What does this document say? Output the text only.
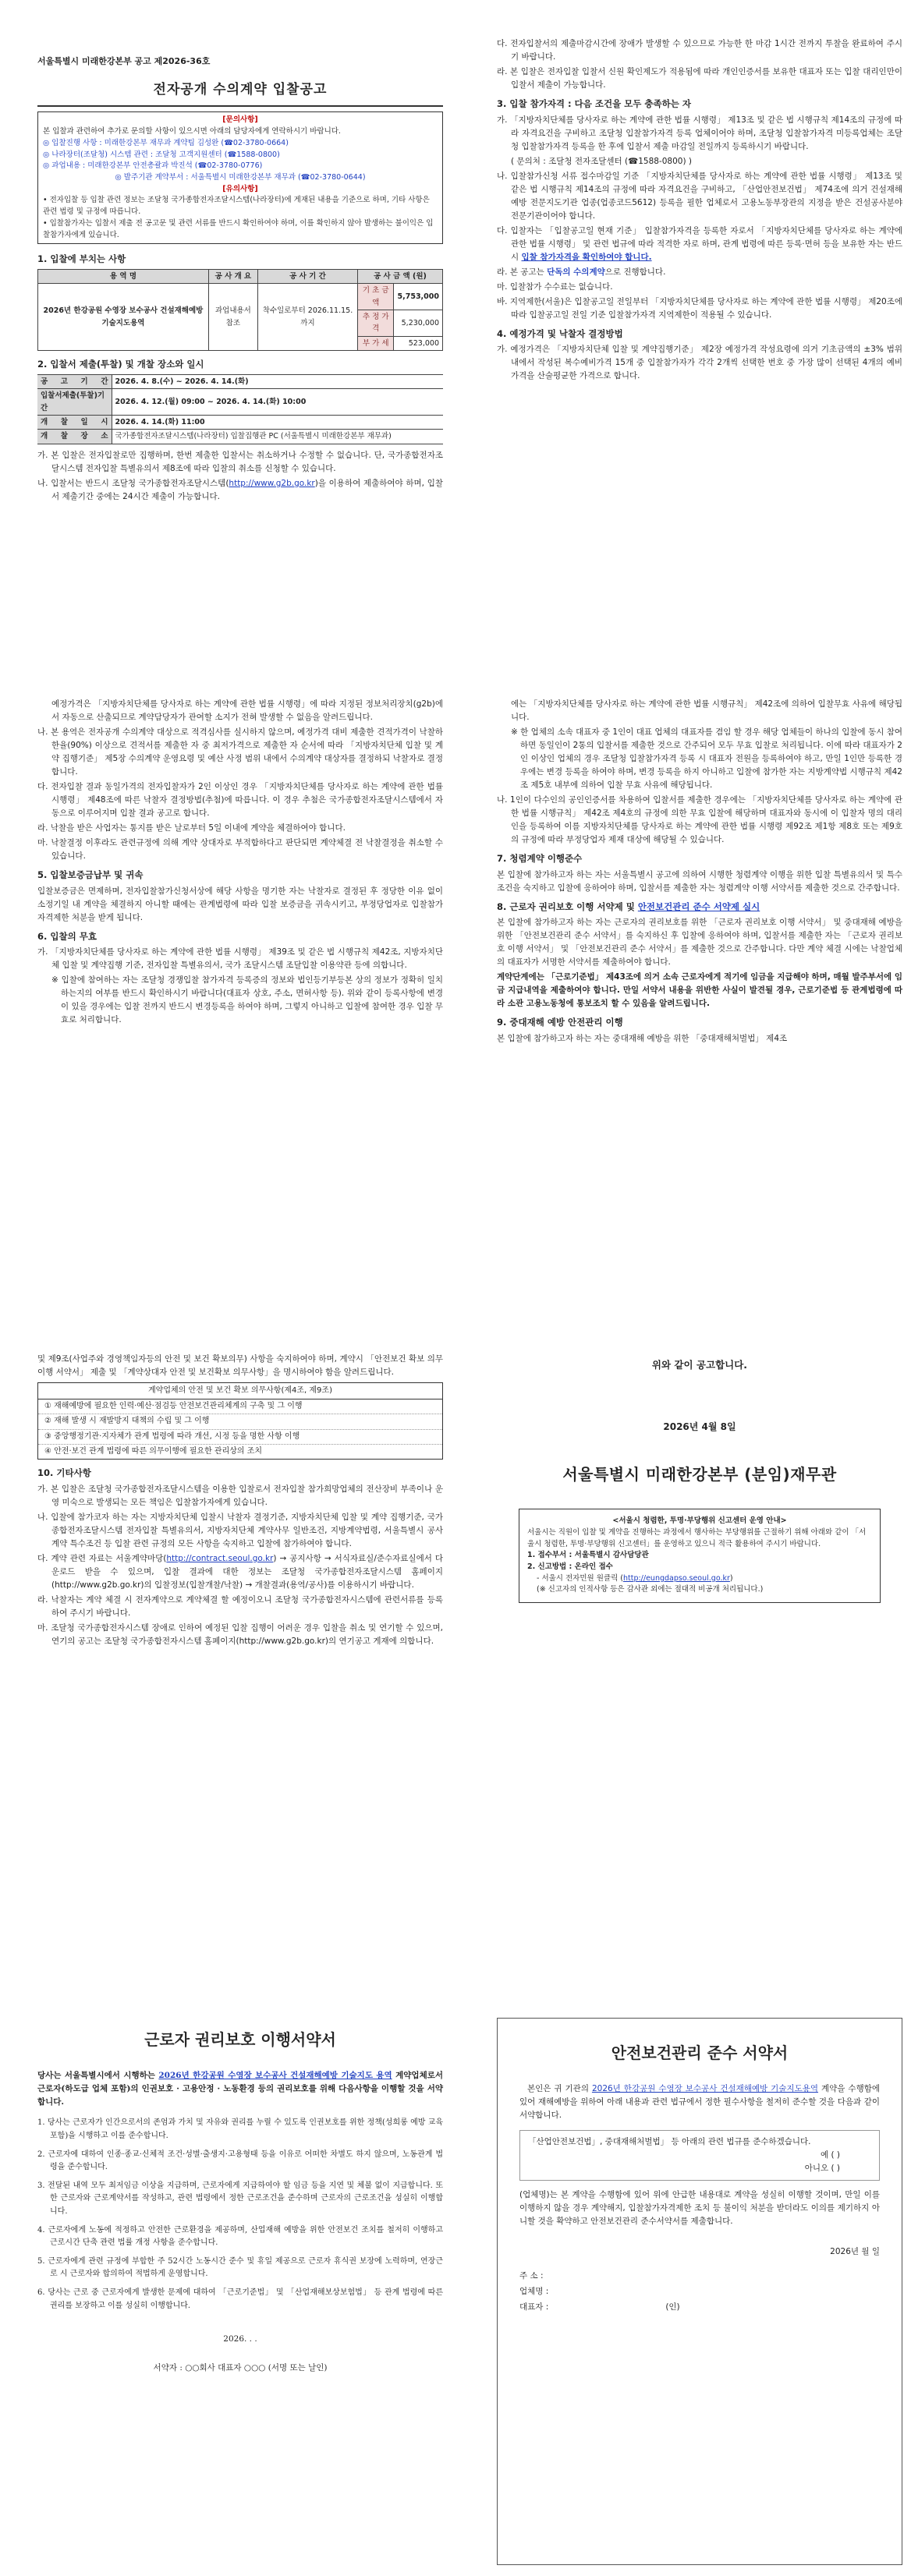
서울특별시 미래한강본부 공고 제2026-36호
전자공개 수의계약 입찰공고
[문의사항]
본 입찰과 관련하여 추가로 문의할 사항이 있으시면 아래의 담당자에게 연락하시기 바랍니다.
◎ 입찰진행 사항 : 미래한강본부 재무과 계약팀 김성완 (☎02-3780-0664)
◎ 나라장터(조달청) 시스템 관련 : 조달청 고객지원센터 (☎1588-0800)
◎ 과업내용 : 미래한강본부 안전총괄과 박진석 (☎02-3780-0776)
◎ 발주기관 계약부서 : 서울특별시 미래한강본부 재무과 (☎02-3780-0644)
[유의사항]
• 전자입찰 등 입찰 관련 정보는 조달청 국가종합전자조달시스템(나라장터)에 게재된 내용을 기준으로 하며, 기타 사항은 관련 법령 및 규정에 따릅니다.
• 입찰참가자는 입찰서 제출 전 공고문 및 관련 서류를 반드시 확인하여야 하며, 이를 확인하지 않아 발생하는 불이익은 입찰참가자에게 있습니다.
1. 입찰에 부치는 사항
용 역 명	공 사 개 요	공 사 기 간	공 사 금 액 (원)	
2026년 한강공원 수영장 보수공사 건설재해예방 기술지도용역	과업내용서 참조	착수일로부터 2026.11.15. 까지	기 초 금 액	5,753,000
			추 정 가 격	5,230,000
			부 가 세	523,000
2. 입찰서 제출(투찰) 및 개찰 장소와 일시
공 고 기 간	2026. 4. 8.(수) ~ 2026. 4. 14.(화)
입찰서제출(투찰)기간	2026. 4. 12.(월) 09:00 ~ 2026. 4. 14.(화) 10:00
개 찰 일 시	2026. 4. 14.(화) 11:00
개 찰 장 소	국가종합전자조달시스템(나라장터) 입찰집행관 PC (서울특별시 미래한강본부 재무과)

가. 본 입찰은 전자입찰로만 집행하며, 한번 제출한 입찰서는 취소하거나 수정할 수 없습니다. 단, 국가종합전자조달시스템 전자입찰 특별유의서 제8조에 따라 입찰의 취소를 신청할 수 있습니다.

나. 입찰서는 반드시 조달청 국가종합전자조달시스템(http://www.g2b.go.kr)을 이용하여 제출하여야 하며, 입찰서 제출기간 중에는 24시간 제출이 가능합니다.

다. 전자입찰서의 제출마감시간에 장애가 발생할 수 있으므로 가능한 한 마감 1시간 전까지 투찰을 완료하여 주시기 바랍니다.

라. 본 입찰은 전자입찰 입찰서 신원 확인제도가 적용됨에 따라 개인인증서를 보유한 대표자 또는 입찰 대리인만이 입찰서 제출이 가능합니다.

3. 입찰 참가자격 : 다음 조건을 모두 충족하는 자

가. 「지방자치단체를 당사자로 하는 계약에 관한 법률 시행령」 제13조 및 같은 법 시행규칙 제14조의 규정에 따라 자격요건을 구비하고 조달청 입찰참가자격 등록 업체이어야 하며, 조달청 입찰참가자격 미등록업체는 조달청 입찰참가자격 등록을 한 후에 입찰서 제출 마감일 전일까지 등록하시기 바랍니다.

( 문의처 : 조달청 전자조달센터 (☎1588-0800) )

나. 입찰참가신청 서류 접수마감일 기준 「지방자치단체를 당사자로 하는 계약에 관한 법률 시행령」 제13조 및 같은 법 시행규칙 제14조의 규정에 따라 자격요건을 구비하고, 「산업안전보건법」 제74조에 의거 건설재해예방 전문지도기관 업종(업종코드5612) 등록을 필한 업체로서 고용노동부장관의 지정을 받은 건설공사분야 전문기관이어야 합니다.

다. 입찰자는 「입찰공고일 현재 기준」 입찰참가자격을 등록한 자로서 「지방자치단체를 당사자로 하는 계약에 관한 법률 시행령」 및 관련 법규에 따라 적격한 자로 하며, 관계 법령에 따른 등록·면허 등을 보유한 자는 반드시 입찰 참가자격을 확인하여야 합니다.

라. 본 공고는 단독의 수의계약으로 진행합니다.

마. 입찰참가 수수료는 없습니다.

바. 지역제한(서울)은 입찰공고일 전일부터 「지방자치단체를 당사자로 하는 계약에 관한 법률 시행령」 제20조에 따라 입찰공고일 전일 기준 입찰참가자격 지역제한이 적용될 수 있습니다.

4. 예정가격 및 낙찰자 결정방법

가. 예정가격은 「지방자치단체 입찰 및 계약집행기준」 제2장 예정가격 작성요령에 의거 기초금액의 ±3% 범위 내에서 작성된 복수예비가격 15개 중 입찰참가자가 각각 2개씩 선택한 번호 중 가장 많이 선택된 4개의 예비가격을 산술평균한 가격으로 합니다.

예정가격은 「지방자치단체를 당사자로 하는 계약에 관한 법률 시행령」에 따라 지정된 정보처리장치(g2b)에서 자동으로 산출되므로 계약담당자가 관여할 소지가 전혀 발생할 수 없음을 알려드립니다.

나. 본 용역은 전자공개 수의계약 대상으로 적격심사를 실시하지 않으며, 예정가격 대비 제출한 견적가격이 낙찰하한율(90%) 이상으로 견적서를 제출한 자 중 최저가격으로 제출한 자 순서에 따라 「지방자치단체 입찰 및 계약 집행기준」 제5장 수의계약 운영요령 및 예산 사정 범위 내에서 수의계약 대상자를 결정하되 낙찰자로 결정합니다.

다. 전자입찰 결과 동일가격의 전자입찰자가 2인 이상인 경우 「지방자치단체를 당사자로 하는 계약에 관한 법률시행령」 제48조에 따른 낙찰자 결정방법(추첨)에 따릅니다. 이 경우 추첨은 국가종합전자조달시스템에서 자동으로 이루어지며 입찰 결과 공고로 합니다.

라. 낙찰을 받은 사업자는 통지를 받은 날로부터 5일 이내에 계약을 체결하여야 합니다.

마. 낙찰결정 이후라도 관련규정에 의해 계약 상대자로 부적합하다고 판단되면 계약체결 전 낙찰결정을 취소할 수 있습니다.

5. 입찰보증금납부 및 귀속

입찰보증금은 면제하며, 전자입찰참가신청서상에 해당 사항을 명기한 자는 낙찰자로 결정된 후 정당한 이유 없이 소정기일 내 계약을 체결하지 아니할 때에는 관계법령에 따라 입찰 보증금을 귀속시키고, 부정당업자로 입찰참가 자격제한 처분을 받게 됩니다.

6. 입찰의 무효

가. 「지방자치단체를 당사자로 하는 계약에 관한 법률 시행령」 제39조 및 같은 법 시행규칙 제42조, 지방자치단체 입찰 및 계약집행 기준, 전자입찰 특별유의서, 국가 조달시스템 조달입찰 이용약관 등에 의합니다.

※ 입찰에 참여하는 자는 조달청 경쟁입찰 참가자격 등록증의 정보와 법인등기부등본 상의 정보가 정확히 일치하는지의 여부를 반드시 확인하시기 바랍니다(대표자 상호, 주소, 면허사항 등). 위와 같이 등록사항에 변경이 있을 경우에는 입찰 전까지 반드시 변경등록을 하여야 하며, 그렇지 아니하고 입찰에 참여한 경우 입찰 무효로 처리합니다.

에는 「지방자치단체를 당사자로 하는 계약에 관한 법률 시행규칙」 제42조에 의하여 입찰무효 사유에 해당됩니다.

※ 한 업체의 소속 대표자 중 1인이 대표 업체의 대표자를 겸임 할 경우 해당 업체들이 하나의 입찰에 동시 참여하면 동일인이 2통의 입찰서를 제출한 것으로 간주되어 모두 무효 입찰로 처리됩니다. 이에 따라 대표자가 2인 이상인 업체의 경우 조달청 입찰참가자격 등록 시 대표자 전원을 등록하여야 하고, 만일 1인만 등록한 경우에는 변경 등록을 하여야 하며, 변경 등록을 하지 아니하고 입찰에 참가한 자는 지방계약법 시행규칙 제42조 제5호 내부에 의하여 입찰 무효 사유에 해당됩니다.

나. 1인이 다수인의 공인인증서를 차용하여 입찰서를 제출한 경우에는 「지방자치단체를 당사자로 하는 계약에 관한 법률 시행규칙」 제42조 제4호의 규정에 의한 무효 입찰에 해당하며 대표자와 동시에 이 입찰자 명의 대리인을 등록하여 이를 지방자치단체를 당사자로 하는 계약에 관한 법률 시행령 제92조 제1항 제8호 또는 제9호의 규정에 따라 부정당업자 제재 대상에 해당될 수 있습니다.

7. 청렴계약 이행준수

본 입찰에 참가하고자 하는 자는 서울특별시 공고에 의하여 시행한 청렴계약 이행을 위한 입찰 특별유의서 및 특수조건을 숙지하고 입찰에 응하여야 하며, 입찰서를 제출한 자는 청렴계약 이행 서약서를 제출한 것으로 간주합니다.

8. 근로자 권리보호 이행 서약제 및 안전보건관리 준수 서약제 실시

본 입찰에 참가하고자 하는 자는 근로자의 권리보호를 위한 「근로자 권리보호 이행 서약서」 및 중대재해 예방을 위한 「안전보건관리 준수 서약서」를 숙지하신 후 입찰에 응하여야 하며, 입찰서를 제출한 자는 「근로자 권리보호 이행 서약서」 및 「안전보건관리 준수 서약서」를 제출한 것으로 간주합니다. 다만 계약 체결 시에는 낙찰업체의 대표자가 서명한 서약서를 제출하여야 합니다.

계약단계에는 「근로기준법」 제43조에 의거 소속 근로자에게 적기에 임금을 지급해야 하며, 매월 발주부서에 임금 지급내역을 제출하여야 합니다. 만일 서약서 내용을 위반한 사실이 발견될 경우, 근로기준법 등 관계법령에 따라 소관 고용노동청에 통보조치 할 수 있음을 알려드립니다.

9. 중대재해 예방 안전관리 이행

본 입찰에 참가하고자 하는 자는 중대재해 예방을 위한 「중대재해처벌법」 제4조

및 제9조(사업주와 경영책임자등의 안전 및 보건 확보의무) 사항을 숙지하여야 하며, 계약시 「안전보건 확보 의무이행 서약서」 제출 및 「계약상대자 안전 및 보건확보 의무사항」을 명시하여야 함을 알려드립니다.

계약업체의 안전 및 보건 확보 의무사항(제4조, 제9조)
① 재해예방에 필요한 인력·예산·점검등 안전보건관리체계의 구축 및 그 이행
② 재해 발생 시 재발방지 대책의 수립 및 그 이행
③ 중앙행정기관·지자체가 관계 법령에 따라 개선, 시정 등을 명한 사항 이행
④ 안전·보건 관계 법령에 따른 의무이행에 필요한 관리상의 조치
10. 기타사항

가. 본 입찰은 조달청 국가종합전자조달시스템을 이용한 입찰로서 전자입찰 참가희망업체의 전산장비 부족이나 운영 미숙으로 발생되는 모든 책임은 입찰참가자에게 있습니다.

나. 입찰에 참가코자 하는 자는 지방자치단체 입찰시 낙찰자 결정기준, 지방자치단체 입찰 및 계약 집행기준, 국가종합전자조달시스템 전자입찰 특별유의서, 지방자치단체 계약사무 일반조건, 지방계약법령, 서울특별시 공사계약 특수조건 등 입찰 관련 규정의 모든 사항을 숙지하고 입찰에 참가하여야 합니다.

다. 계약 관련 자료는 서울계약마당(http://contract.seoul.go.kr) → 공지사항 → 서식자료실/준수자료실에서 다운로드 받을 수 있으며, 입찰 결과에 대한 정보는 조달청 국가종합전자조달시스템 홈페이지(http://www.g2b.go.kr)의 입찰정보(입찰개찰/낙찰) → 개찰결과(용역/공사)를 이용하시기 바랍니다.

라. 낙찰자는 계약 체결 시 전자계약으로 계약체결 할 예정이오니 조달청 국가종합전자시스템에 관련서류를 등록하여 주시기 바랍니다.

마. 조달청 국가종합전자시스템 장애로 인하여 예정된 입찰 집행이 어려운 경우 입찰을 취소 및 연기할 수 있으며, 연기의 공고는 조달청 국가종합전자시스템 홈페이지(http://www.g2b.go.kr)의 연기공고 게재에 의합니다.

위와 같이 공고합니다.
2026년 4월 8일
서울특별시 미래한강본부 (분임)재무관
<서울시 청렴한, 투명·부당행위 신고센터 운영 안내>
서울시는 직원이 입찰 및 계약을 진행하는 과정에서 행사하는 부당행위를 근절하기 위해 아래와 같이 「서울시 청렴한, 투명·부당행위 신고센터」를 운영하고 있으니 적극 활용하여 주시기 바랍니다.
1. 접수부서 : 서울특별시 감사담당관
2. 신고방법 : 온라인 접수
- 서울시 전자민원 원클릭 (http://eungdapso.seoul.go.kr)
(※ 신고자의 인적사항 등은 감사관 외에는 절대적 비공개 처리됩니다.)
근로자 권리보호 이행서약서

당사는 서울특별시에서 시행하는 2026년 한강공원 수영장 보수공사 건설재해예방 기술지도 용역 계약업체로서 근로자(하도급 업체 포함)의 인권보호 · 고용안정 · 노동환경 등의 권리보호를 위해 다음사항을 이행할 것을 서약합니다.

1. 당사는 근로자가 인간으로서의 존엄과 가치 및 자유와 권리를 누릴 수 있도록 인권보호를 위한 정책(성희롱 예방 교육 포함)을 시행하고 이를 준수합니다.
2. 근로자에 대하여 인종·종교·신체적 조건·성별·출생지·고용형태 등을 이유로 어떠한 차별도 하지 않으며, 노동관계 법령을 준수합니다.
3. 전달된 내역 모두 최저임금 이상을 지급하며, 근로자에게 지급하여야 할 임금 등을 지연 및 체불 없이 지급합니다. 또한 근로자와 근로계약서를 작성하고, 관련 법령에서 정한 근로조건을 준수하며 근로자의 근로조건을 성실히 이행합니다.
4. 근로자에게 노동에 적정하고 안전한 근로환경을 제공하며, 산업재해 예방을 위한 안전보건 조치를 철저히 이행하고 근로시간 단축 관련 법률 개정 사항을 준수합니다.
5. 근로자에게 관련 규정에 부합한 주 52시간 노동시간 준수 및 휴일 제공으로 근로자 휴식권 보장에 노력하며, 연장근로 시 근로자와 합의하여 적법하게 운영합니다.
6. 당사는 근로 중 근로자에게 발생한 문제에 대하여 「근로기준법」 및 「산업재해보상보험법」 등 관계 법령에 따른 권리를 보장하고 이를 성실히 이행합니다.
2026. . .
서약자 : ○○회사 대표자 ○○○ (서명 또는 날인)
안전보건관리 준수 서약서

본인은 귀 기관의 2026년 한강공원 수영장 보수공사 건설재해예방 기술지도용역 계약을 수행함에 있어 재해예방을 위하여 아래 내용과 관련 법규에서 정한 필수사항을 철저히 준수할 것을 다음과 같이 서약합니다.

「산업안전보건법」, 중대재해처벌법」 등 아래의 관련 법규를 준수하겠습니다.
예 ( )
아니오 ( )

(업체명)는 본 계약을 수행함에 있어 위에 안급한 내용대로 계약을 성실히 이행할 것이며, 만일 이를 이행하지 않을 경우 계약해지, 입찰참가자격제한 조치 등 불이익 처분을 받더라도 이의를 제기하지 아니할 것을 확약하고 안전보건관리 준수서약서를 제출합니다.

2026년 월 일
주 소 :
업체명 :
대표자 :	(인)
